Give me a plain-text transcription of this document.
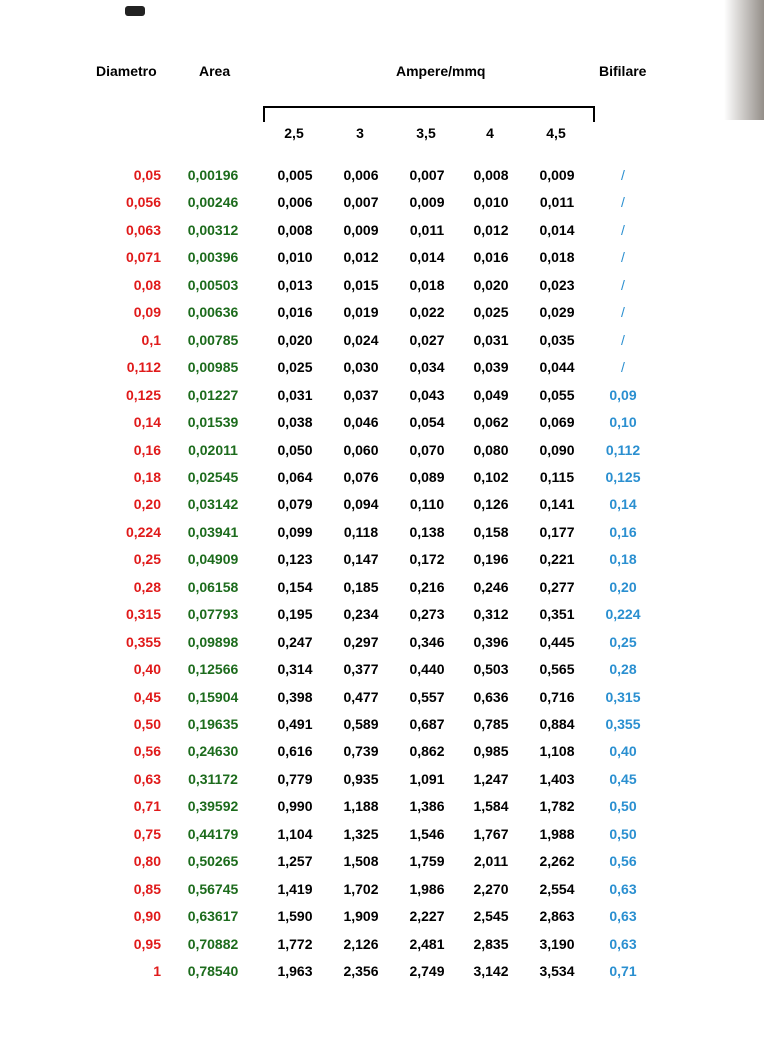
Diametro	Area	Ampere/mmq	Bifilare
2,5	3	3,5	4	4,5
0,05	0,00196	0,005	0,006	0,007	0,008	0,009	/
0,056	0,00246	0,006	0,007	0,009	0,010	0,011	/
0,063	0,00312	0,008	0,009	0,011	0,012	0,014	/
0,071	0,00396	0,010	0,012	0,014	0,016	0,018	/
0,08	0,00503	0,013	0,015	0,018	0,020	0,023	/
0,09	0,00636	0,016	0,019	0,022	0,025	0,029	/
0,1	0,00785	0,020	0,024	0,027	0,031	0,035	/
0,112	0,00985	0,025	0,030	0,034	0,039	0,044	/
0,125	0,01227	0,031	0,037	0,043	0,049	0,055	0,09
0,14	0,01539	0,038	0,046	0,054	0,062	0,069	0,10
0,16	0,02011	0,050	0,060	0,070	0,080	0,090	0,112
0,18	0,02545	0,064	0,076	0,089	0,102	0,115	0,125
0,20	0,03142	0,079	0,094	0,110	0,126	0,141	0,14
0,224	0,03941	0,099	0,118	0,138	0,158	0,177	0,16
0,25	0,04909	0,123	0,147	0,172	0,196	0,221	0,18
0,28	0,06158	0,154	0,185	0,216	0,246	0,277	0,20
0,315	0,07793	0,195	0,234	0,273	0,312	0,351	0,224
0,355	0,09898	0,247	0,297	0,346	0,396	0,445	0,25
0,40	0,12566	0,314	0,377	0,440	0,503	0,565	0,28
0,45	0,15904	0,398	0,477	0,557	0,636	0,716	0,315
0,50	0,19635	0,491	0,589	0,687	0,785	0,884	0,355
0,56	0,24630	0,616	0,739	0,862	0,985	1,108	0,40
0,63	0,31172	0,779	0,935	1,091	1,247	1,403	0,45
0,71	0,39592	0,990	1,188	1,386	1,584	1,782	0,50
0,75	0,44179	1,104	1,325	1,546	1,767	1,988	0,50
0,80	0,50265	1,257	1,508	1,759	2,011	2,262	0,56
0,85	0,56745	1,419	1,702	1,986	2,270	2,554	0,63
0,90	0,63617	1,590	1,909	2,227	2,545	2,863	0,63
0,95	0,70882	1,772	2,126	2,481	2,835	3,190	0,63
1	0,78540	1,963	2,356	2,749	3,142	3,534	0,71
